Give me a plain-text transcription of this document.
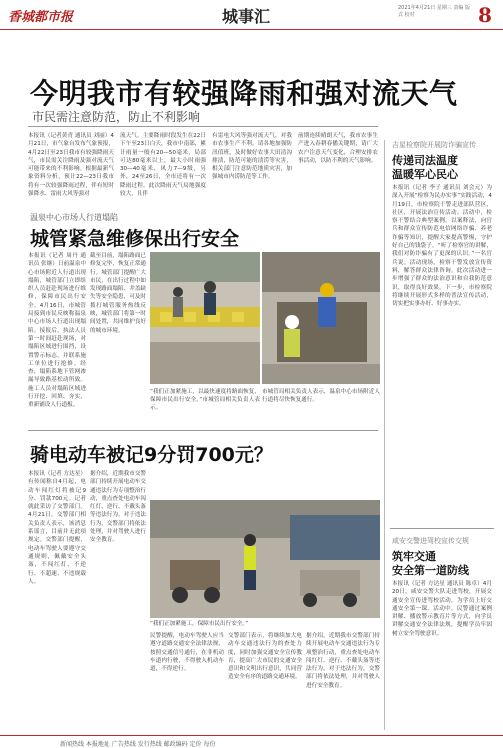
香城都市报	城事汇	2021年4月21日 星期三 责编 版式 校对	8
今明我市有较强降雨和强对流天气
市民需注意防范，防止不利影响
本报讯（记者黄青 通讯员 刘丽）4月21日，市气象台发布气象预报，4月22日至23日我市有较强降雨天气，市民需关注降雨及强对流天气可能带来的不利影响。根据最新气象资料分析，预计22—23日我市将有一次较强降雨过程，伴有短时强降水、雷雨大风等强对
流天气。主要降雨时段发生在22日下午至23日白天，我市中南部，累计雨量一般有20—50毫米，局部可达80毫米以上，最大小时雨强30—40毫米，风力7—9级，另外，24至26日，全市还将有一次降雨过程。此次降雨天气局地强度较大，且伴
有雷电大风等强对流天气，对我市农事生产不利。请各地加强防汛值班，及时做好农事大田清沟排渍，防范可能的渍涝等灾害，相关部门注意防范地质灾害，加强城市内涝防范等工作。
前期连续晴朗天气，我市农事生产进入春耕春播关键期，请广大农户注意天气变化，合理安排农事活动，以防不利的天气影响。
温泉中心市场人行道塌陷
城管紧急维修保出行安全
本报讯（记者 周丹 通讯员 张继）日前温泉中心市场附近人行道出现塌陷，城管部门立即组织人员赶赴现场进行维修，保障市民出行安全。4月16日，市城管局接到市民反映称温泉中心市场人行道出现塌陷。接报后，执法人员第一时间赶赴现场，对塌陷区域进行围挡，设置警示标志，并联系施工单位进行抢修。经查，塌陷系地下管网渗漏导致路基松动所致。施工人员对塌陷区域进行开挖、回填、夯实，重新铺设人行道板。
截至目前，塌陷路面已修复完毕，恢复正常通行。城管部门提醒广大市民，在出行过程中如发现路面塌陷、井盖缺失等安全隐患，可及时拨打城管服务热线反映，城管部门将第一时间处置，共同维护良好的城市环境。
“我们正加紧施工，以最快速度将路面恢复，保障市民出行安全。”市城管局相关负责人表示。
市城管局相关负责人表示，温泉中心市场附近人行道将尽快恢复通行。
骑电动车被记9分罚700元？
本报讯（记者 方达星）有传闻称自4月起，电动车闯红灯将被记9分、罚款700元。记者就此采访了交警部门。4月21日，交警部门相关负责人表示，该消息系谣言，目前并无此项规定。交警部门提醒，电动车驾驶人要遵守交通规则，佩戴安全头盔，不闯红灯、不逆行、不超速、不违规载人。
据介绍，近期我市交警部门持续开展电动车交通违法行为专项整治行动，重点查处电动车闯红灯、逆行、不戴头盔等违法行为。对于违法行为，交警部门将依法处理，并对驾驶人进行安全教育。
“我们正加紧施工，保障市民出行安全。”
民警提醒，电动车驾驶人应当遵守道路交通安全法律法规，按照交通信号通行，在非机动车道内行驶，不得驶入机动车道，不得逆行。
交警部门表示，将继续加大电动车交通违法行为的查处力度，同时加强交通安全宣传教育，提高广大市民的交通安全意识和文明出行意识，共同营造安全有序的道路交通环境。
据介绍，近期我市交警部门持续开展电动车交通违法行为专项整治行动，重点查处电动车闯红灯、逆行、不戴头盔等违法行为。对于违法行为，交警部门将依法处理，并对驾驶人进行安全教育。
吉星检察院开展防诈骗宣传
传递司法温度
温暖军心民心
本报讯（记者 李子 通讯员 刘会元）为深入开展“检察为民办实事”实践活动，4月19日，市检察院干警走进部队营区、社区，开展法治宣传活动。活动中，检察干警结合典型案例，以案释法，向官兵和群众宣传防范电信网络诈骗、养老诈骗等知识，提醒大家提高警惕，守护好自己的钱袋子。“听了检察官的讲解，我们对防诈骗有了更深的认识。”一名官兵说。活动现场，检察干警发放宣传资料，解答群众法律咨询。此次活动进一步增强了群众的法治意识和自我防范意识，取得良好效果。下一步，市检察院将继续开展形式多样的普法宣传活动，切实把实事办好、好事办实。
咸安交警进驾校宣传交规
筑牢交通
安全第一道防线
本报讯（记者 方达星 通讯员 陈卓）4月20日，咸安交警大队走进驾校，开展交通安全宣传进驾校活动，为学员上好交通安全第一课。活动中，民警通过案例讲解、播放警示教育片等方式，向学员讲解交通安全法律法规，提醒学员牢固树立安全驾驶意识。
新闻热线 本报地址 广告热线 发行热线 邮政编码 定价 每份
